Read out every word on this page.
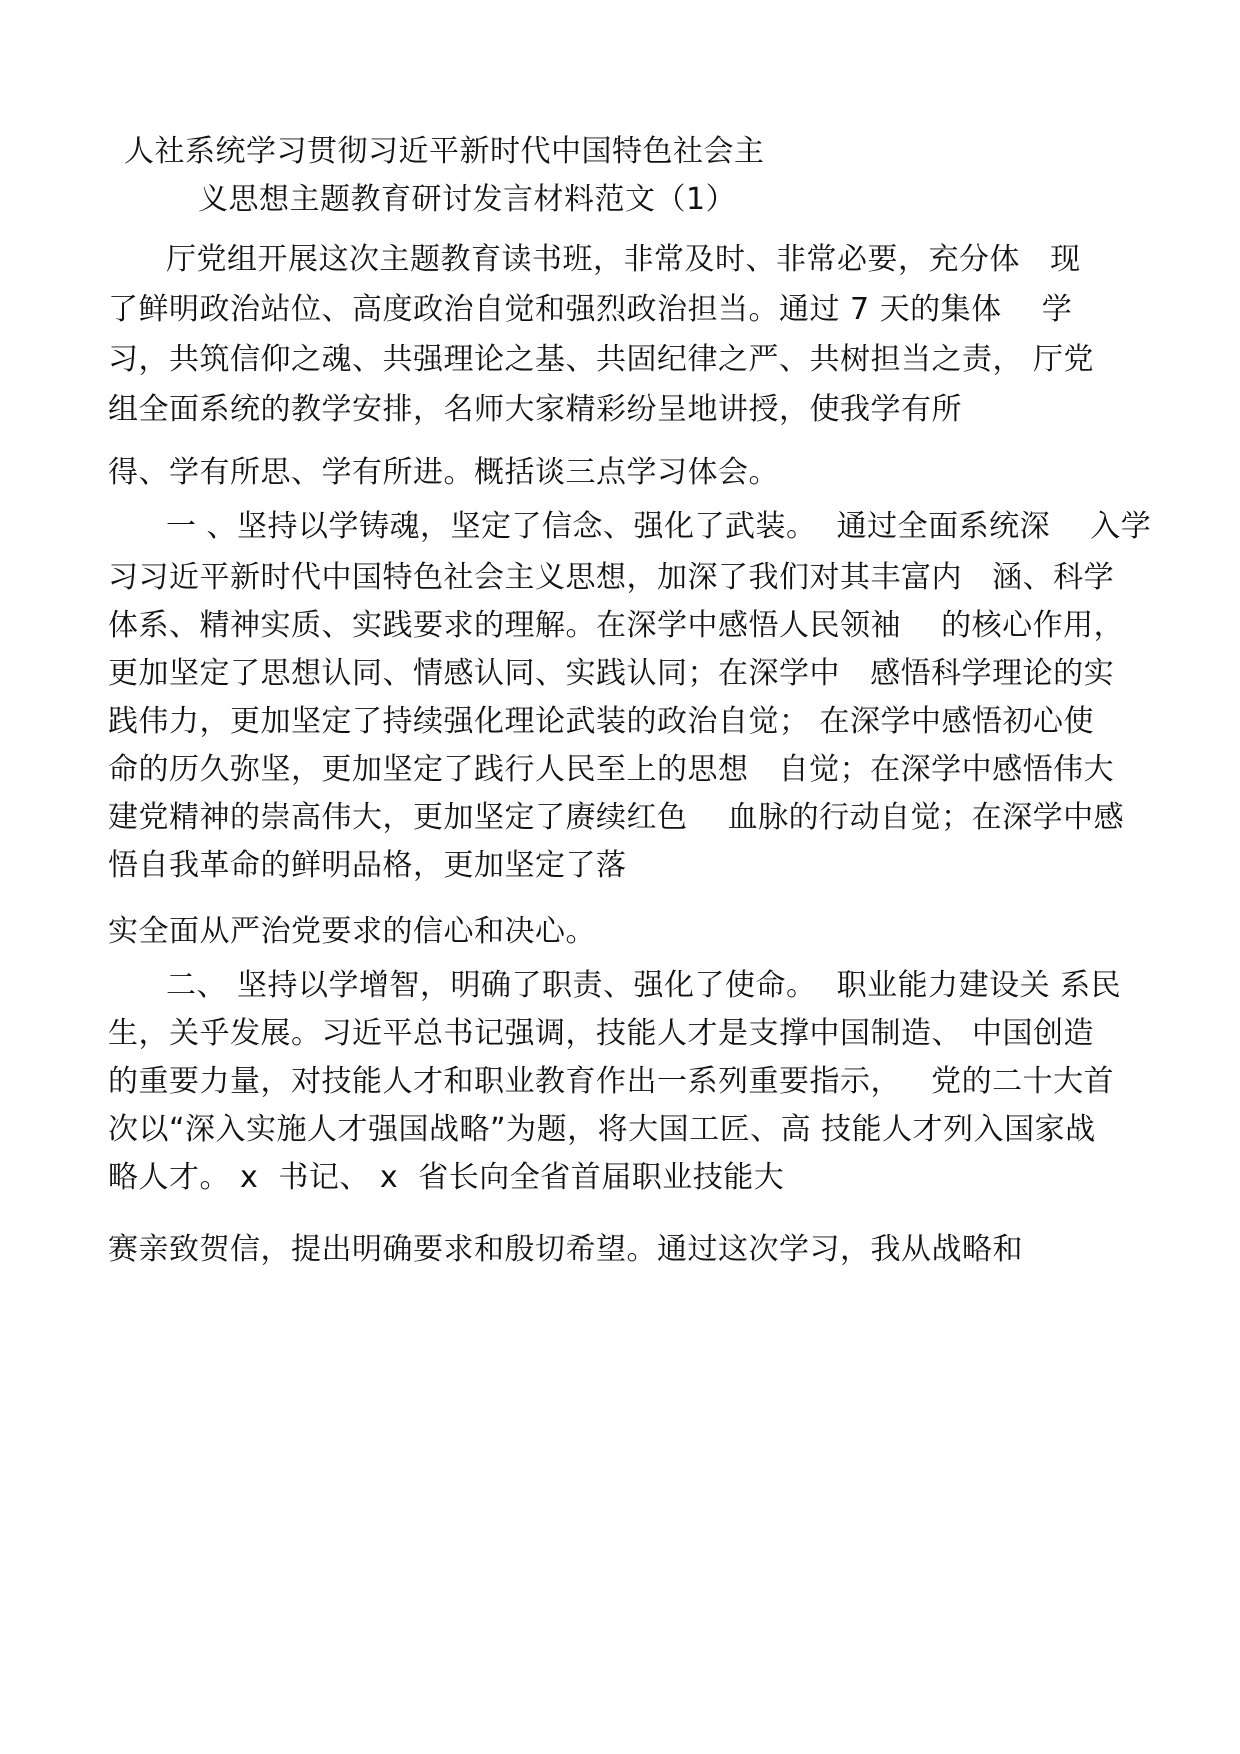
人社系统学习贯彻习近平新时代中国特色社会主
义思想主题教育研讨发言材料范文（1）
厅党组开展这次主题教育读书班，非常及时、非常必要，充分体   现
了鲜明政治站位、高度政治自觉和强烈政治担当。通过 7 天的集体    学
习，共筑信仰之魂、共强理论之基、共固纪律之严、共树担当之责， 厅党
组全面系统的教学安排，名师大家精彩纷呈地讲授，使我学有所
得、学有所思、学有所进。概括谈三点学习体会。
一 、坚持以学铸魂，坚定了信念、强化了武装。  通过全面系统深    入学
习习近平新时代中国特色社会主义思想，加深了我们对其丰富内   涵、科学
体系、精神实质、实践要求的理解。在深学中感悟人民领袖    的核心作用，
更加坚定了思想认同、情感认同、实践认同；在深学中   感悟科学理论的实
践伟力，更加坚定了持续强化理论武装的政治自觉； 在深学中感悟初心使
命的历久弥坚，更加坚定了践行人民至上的思想   自觉；在深学中感悟伟大
建党精神的崇高伟大，更加坚定了赓续红色    血脉的行动自觉；在深学中感
悟自我革命的鲜明品格，更加坚定了落
实全面从严治党要求的信心和决心。
二、 坚持以学增智，明确了职责、强化了使命。  职业能力建设关 系民
生，关乎发展。习近平总书记强调，技能人才是支撑中国制造、 中国创造
的重要力量，对技能人才和职业教育作出一系列重要指示，   党的二十大首
次以“深入实施人才强国战略”为题，将大国工匠、高 技能人才列入国家战
略人才。 x  书记、 x  省长向全省首届职业技能大
赛亲致贺信，提出明确要求和殷切希望。通过这次学习，我从战略和
